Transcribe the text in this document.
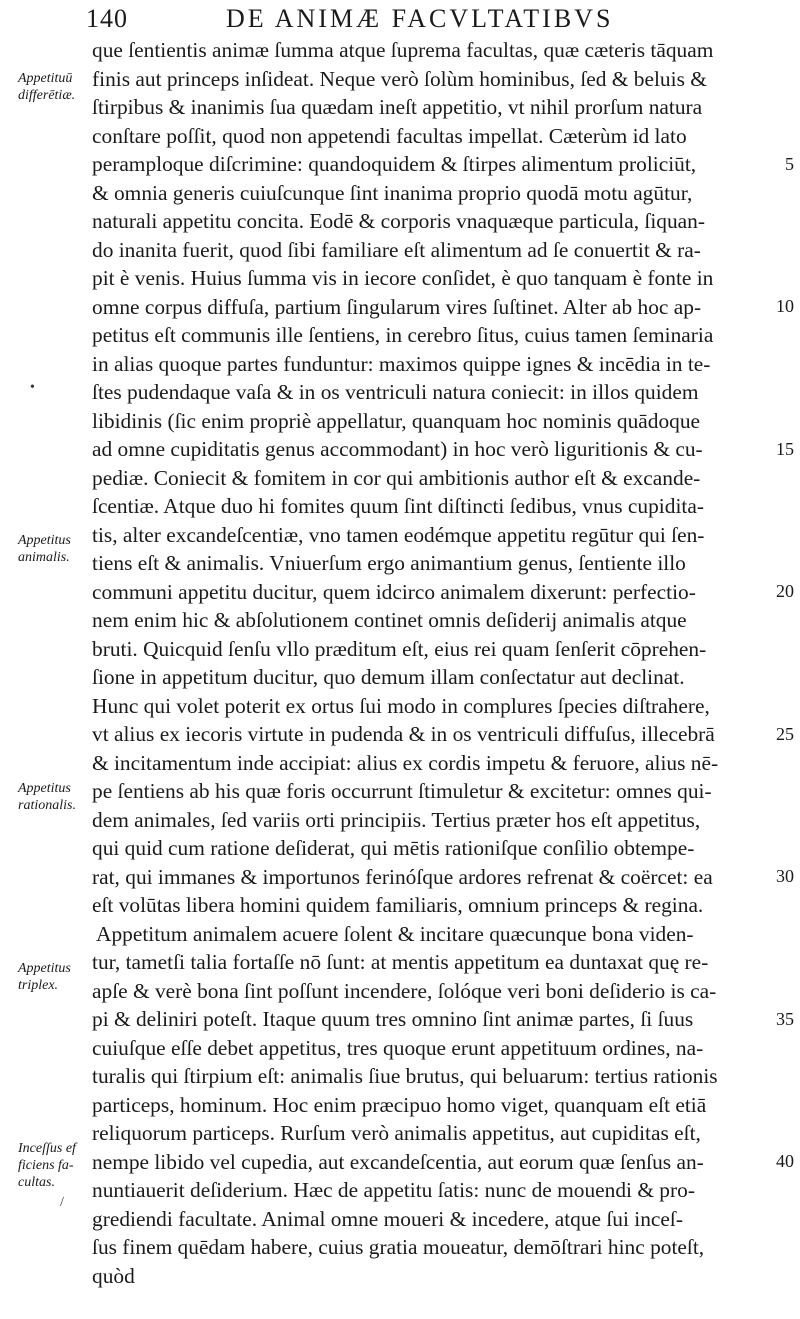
140	DE ANIMÆ FACVLTATIBVS
que ſentientis animæ ſumma atque ſuprema facultas, quæ cæteris tāquam
finis aut princeps inſideat. Neque verò ſolùm hominibus, ſed & beluis &
ſtirpibus & inanimis ſua quædam ineſt appetitio, vt nihil prorſum natura
conſtare poſſit, quod non appetendi facultas impellat. Cæterùm id lato
peramploque diſcrimine: quandoquidem & ſtirpes alimentum proliciūt,
& omnia generis cuiuſcunque ſint inanima proprio quodā motu agūtur,
naturali appetitu concita. Eodē & corporis vnaquæque particula, ſiquan-
do inanita fuerit, quod ſibi familiare eſt alimentum ad ſe conuertit & ra-
pit è venis. Huius ſumma vis in iecore conſidet, è quo tanquam è fonte in
omne corpus diffuſa, partium ſingularum vires ſuſtinet. Alter ab hoc ap-
petitus eſt communis ille ſentiens, in cerebro ſitus, cuius tamen ſeminaria
in alias quoque partes funduntur: maximos quippe ignes & incēdia in te-
ſtes pudendaque vaſa & in os ventriculi natura coniecit: in illos quidem
libidinis (ſic enim propriè appellatur, quanquam hoc nominis quādoque
ad omne cupiditatis genus accommodant) in hoc verò liguritionis & cu-
pediæ. Coniecit & fomitem in cor qui ambitionis author eſt & excande-
ſcentiæ. Atque duo hi fomites quum ſint diſtincti ſedibus, vnus cupidita-
tis, alter excandeſcentiæ, vno tamen eodémque appetitu regūtur qui ſen-
tiens eſt & animalis. Vniuerſum ergo animantium genus, ſentiente illo
communi appetitu ducitur, quem idcirco animalem dixerunt: perfectio-
nem enim hic & abſolutionem continet omnis deſiderij animalis atque
bruti. Quicquid ſenſu vllo præditum eſt, eius rei quam ſenſerit cōprehen-
ſione in appetitum ducitur, quo demum illam conſectatur aut declinat.
Hunc qui volet poterit ex ortus ſui modo in complures ſpecies diſtrahere,
vt alius ex iecoris virtute in pudenda & in os ventriculi diffuſus, illecebrā
& incitamentum inde accipiat: alius ex cordis impetu & feruore, alius nē-
pe ſentiens ab his quæ foris occurrunt ſtimuletur & excitetur: omnes qui-
dem animales, ſed variis orti principiis. Tertius præter hos eſt appetitus,
qui quid cum ratione deſiderat, qui mētis rationiſque conſilio obtempe-
rat, qui immanes & importunos ferinóſque ardores refrenat & coërcet: ea
eſt volūtas libera homini quidem familiaris, omnium princeps & regina.
Appetitum animalem acuere ſolent & incitare quæcunque bona viden-
tur, tametſi talia fortaſſe nō ſunt: at mentis appetitum ea duntaxat quę re-
apſe & verè bona ſint poſſunt incendere, ſolóque veri boni deſiderio is ca-
pi & deliniri poteſt. Itaque quum tres omnino ſint animæ partes, ſi ſuus
cuiuſque eſſe debet appetitus, tres quoque erunt appetituum ordines, na-
turalis qui ſtirpium eſt: animalis ſiue brutus, qui beluarum: tertius rationis
particeps, hominum. Hoc enim præcipuo homo viget, quanquam eſt etiā
reliquorum particeps. Rurſum verò animalis appetitus, aut cupiditas eſt,
nempe libido vel cupedia, aut excandeſcentia, aut eorum quæ ſenſus an-
nuntiauerit deſiderium. Hæc de appetitu ſatis: nunc de mouendi & pro-
grediendi facultate. Animal omne moueri & incedere, atque ſui inceſ-
ſus finem quēdam habere, cuius gratia moueatur, demōſtrari hinc poteſt,
quòd
5
10
15
20
25
30
35
40
Appetituū
differētiæ.
Appetitus
animalis.
Appetitus
rationalis.
Appetitus
triplex.
Inceſſus ef
ficiens fa-
cultas.
•
/
